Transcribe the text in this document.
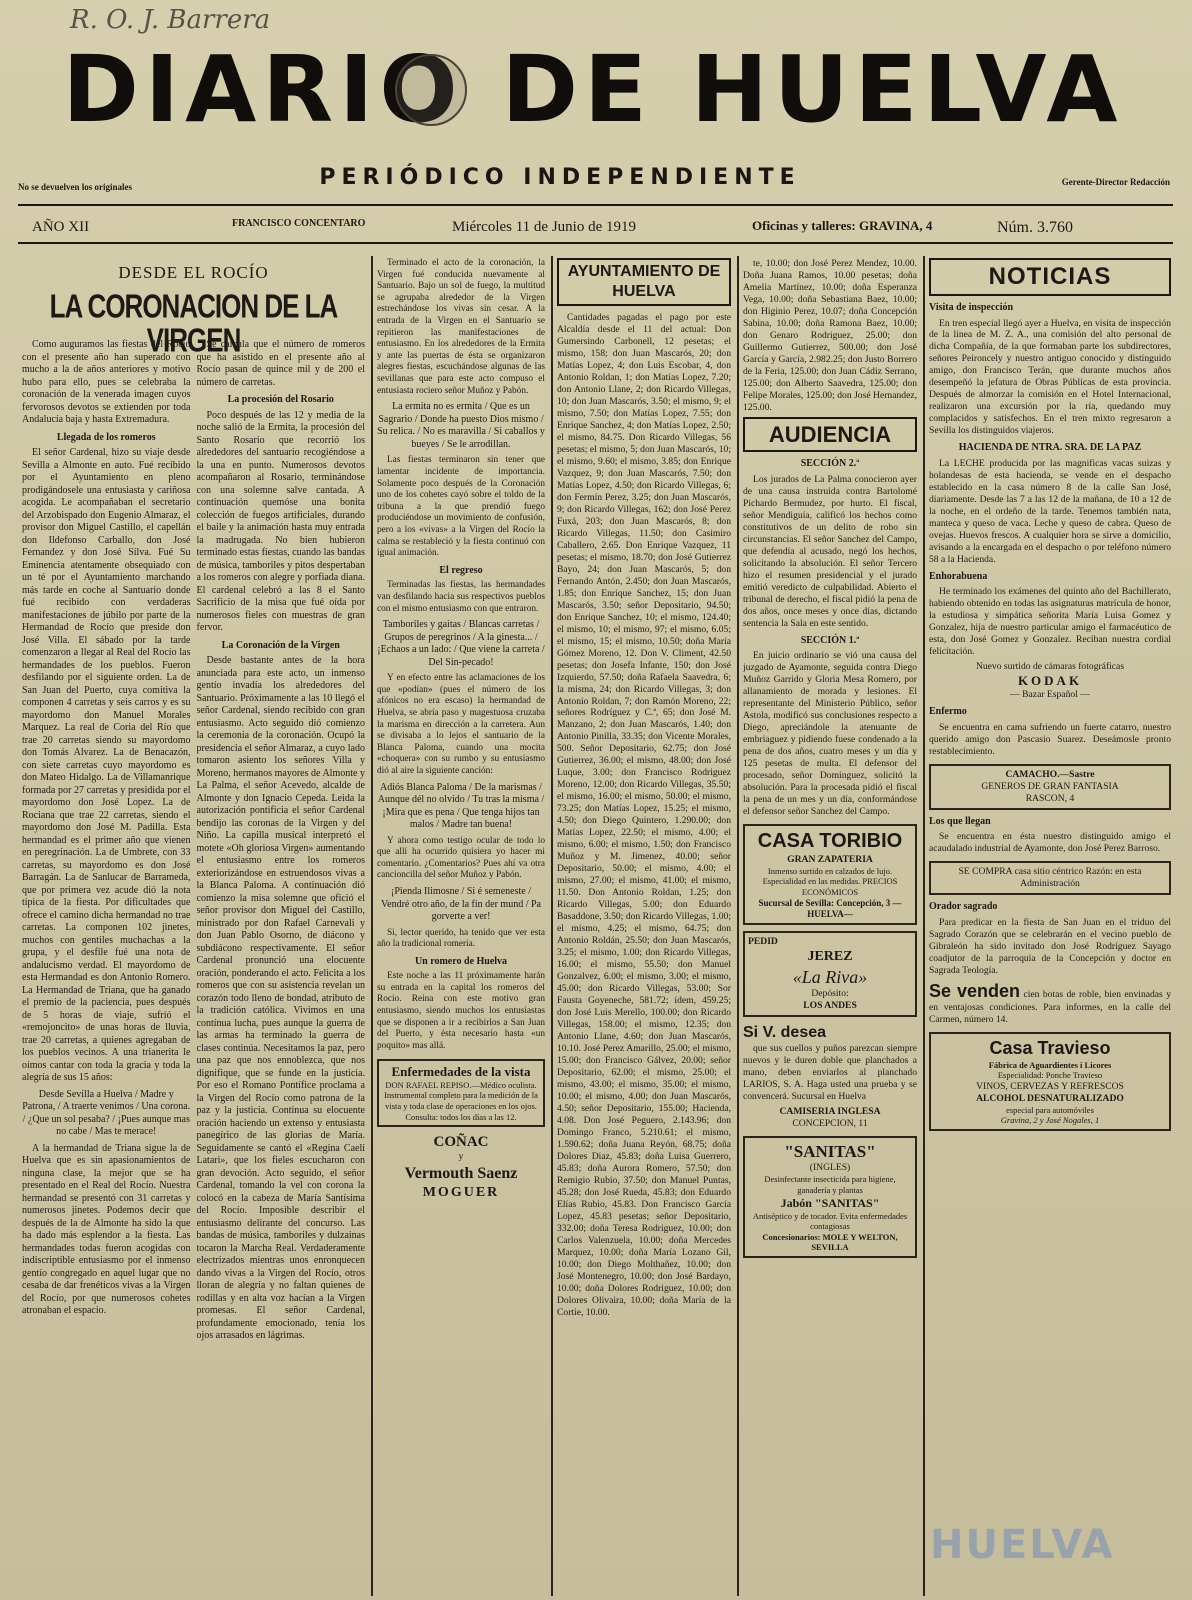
R. O. J. Barrera
DIARIO DE HUELVA
No se devuelven los originales	PERIÓDICO INDEPENDIENTE	Gerente-Director Redacción
AÑO XII	FRANCISCO CONCENTARO	Miércoles 11 de Junio de 1919	Oficinas y talleres: GRAVINA, 4	Núm. 3.760
DESDE EL ROCÍO
LA CORONACION DE LA VIRGEN
Como auguramos las fiestas del Rocío con el presente año han superado con mucho a la de años anteriores y motivo hubo para ello, pues se celebraba la coronación de la venerada imagen cuyos fervorosos devotos se extienden por toda Andalucía baja y hasta Extremadura.
Llegada de los romeros
El señor Cardenal, hizo su viaje desde Sevilla a Almonte en auto. Fué recibido por el Ayuntamiento en pleno prodigándosele una entusiasta y cariñosa acogida. Le acompañaban el secretario del Arzobispado don Eugenio Almaraz, el provisor don Miguel Castillo, el capellán don Ildefonso Carballo, don José Fernandez y don José Silva. Fué Su Eminencia atentamente obsequiado con un té por el Ayuntamiento marchando más tarde en coche al Santuario donde fué recibido con verdaderas manifestaciones de júbilo por parte de la Hermandad de Rocío que preside don José Villa. El sábado por la tarde comenzaron a llegar al Real del Rocío las hermandades de los pueblos. Fueron desfilando por el siguiente orden. La de San Juan del Puerto, cuya comitiva la componen 4 carretas y seis carros y es su mayordomo don Manuel Morales Marquez. La real de Coria del Río que trae 20 carretas siendo su mayordomo don Tomás Alvarez. La de Benacazón, con siete carretas cuyo mayordomo es don Mateo Hidalgo. La de Villamanrique formada por 27 carretas y presidida por el mayordomo don José Lopez. La de Rociana que trae 22 carretas, siendo el mayordomo don José M. Padilla. Esta hermandad es el primer año que vienen en peregrinación. La de Umbrete, con 33 carretas, su mayordomo es don José Barragán. La de Sanlucar de Barrameda, que por primera vez acude dió la nota típica de la fiesta. Por dificultades que ofrece el camino dicha hermandad no trae carretas. La componen 102 jinetes, muchos con gentiles muchachas a la grupa, y el desfile fué una nota de andalucismo verdad. El mayordomo de esta Hermandad es don Antonio Romero. La Hermandad de Triana, que ha ganado el premio de la paciencia, pues después de 5 horas de viaje, sufrió el «remojoncito» de unas horas de lluvia, trae 20 carretas, a quienes agregaban de los pueblos vecinos. A una trianerita le oímos cantar con toda la gracia y toda la alegría de sus 15 años:
Desde Sevilla a Huelva / Madre y Patrona, / A traerte venimos / Una corona. / ¿Que un sol pesaba? / ¡Pues aunque mas no cabe / Mas te merace!
A la hermandad de Triana sigue la de Huelva que es sin apasionamientos de ninguna clase, la mejor que se ha presentado en el Real del Rocío. Nuestra hermandad se presentó con 31 carretas y numerosos jinetes. Podemos decir que después de la de Almonte ha sido la que ha dado más esplendor a la fiesta. Las hermandades todas fueron acogidas con indiscriptible entusiasmo por el inmenso gentío congregado en aquel lugar que no cesaba de dar frenéticos vivas a la Virgen del Rocío, por que numerosos cohetes atronaban el espacio.
Se calcula que el número de romeros que ha asistido en el presente año al Rocío pasan de quince mil y de 200 el número de carretas.
La procesión del Rosario
Poco después de las 12 y media de la noche salió de la Ermita, la procesión del Santo Rosario que recorrió los alrededores del santuario recogiéndose a la una en punto. Numerosos devotos acompañaron al Rosario, terminándose con una solemne salve cantada. A continuación quemóse una bonita colección de fuegos artificiales, durando el baile y la animación hasta muy entrada la madrugada. No bien hubieron terminado estas fiestas, cuando las bandas de música, tamboriles y pitos despertaban a los romeros con alegre y porfiada diana. El cardenal celebró a las 8 el Santo Sacrificio de la misa que fué oída por numerosos fieles con muestras de gran fervor.
La Coronación de la Virgen
Desde bastante antes de la hora anunciada para este acto, un inmenso gentío invadía los alrededores del Santuario. Próximamente a las 10 llegó el señor Cardenal, siendo recibido con gran entusiasmo. Acto seguido dió comienzo la ceremonia de la coronación. Ocupó la presidencia el señor Almaraz, a cuyo lado tomaron asiento los señores Villa y Moreno, hermanos mayores de Almonte y La Palma, el señor Acevedo, alcalde de Almonte y don Ignacio Cepeda. Leida la autorización pontificia el señor Cardenal bendijo las coronas de la Virgen y del Niño. La capilla musical interpretó el motete «Oh gloriosa Virgen» aumentando el entusiasmo entre los romeros exteriorizándose en estruendosos vivas a la Blanca Paloma. A continuación dió comienzo la misa solemne que ofició el señor provisor don Miguel del Castillo, ministrado por don Rafael Carnevali y don Juan Pablo Osorno, de diácono y subdiácono respectivamente. El señor Cardenal pronunció una elocuente oración, ponderando el acto. Felicita a los romeros que con su asistencia revelan un corazón todo lleno de bondad, atributo de la tradición católica. Vivimos en una contínua lucha, pues aunque la guerra de las armas ha terminado la guerra de clases continúa. Necesitamos la paz, pero una paz que nos ennoblezca, que nos dignifique, que se funde en la justicia. Por eso el Romano Pontífice proclama a la Virgen del Rocío como patrona de la paz y la justicia. Continua su elocuente oración haciendo un extenso y entusiasta panegírico de las glorias de María. Seguidamente se cantó el «Regina Caeli Latari», que los fieles escucharon con gran devoción. Acto seguido, el señor Cardenal, tomando la vel con corona la colocó en la cabeza de María Santísima del Rocío. Imposible describir el entusiasmo delirante del concurso. Las bandas de música, tamboriles y dulzainas tocaron la Marcha Real. Verdaderamente electrizados mientras unos enronquecen dando vivas a la Virgen del Rocío, otros lloran de alegría y no faltan quienes de rodillas y en alta voz hacían a la Virgen promesas. El señor Cardenal, profundamente emocionado, tenía los ojos arrasados en lágrimas.
Terminado el acto de la coronación, la Virgen fué conducida nuevamente al Santuario. Bajo un sol de fuego, la multitud se agrupaba alrededor de la Virgen estrechándose los vivas sin cesar. A la entrada de la Virgen en el Santuario se repitieron las manifestaciones de entusiasmo. En los alrededores de la Ermita y ante las puertas de ésta se organizaron alegres fiestas, escuchándose algunas de las sevillanas que para este acto compuso el entusiasta rociero señor Muñoz y Pabón.
La ermita no es ermita / Que es un Sagrario / Donde ha puesto Dios mismo / Su relica. / No es maravilla / Si caballos y bueyes / Se le arrodillan.
Las fiestas terminaron sin tener que lamentar incidente de importancia. Solamente poco después de la Coronación uno de los cohetes cayó sobre el toldo de la tribuna a la que prendió fuego produciéndose un movimiento de confusión, pero a los «vivas» a la Virgen del Rocío la calma se restableció y la fiesta continuó con igual animación.
El regreso
Terminadas las fiestas, las hermandades van desfilando hacia sus respectivos pueblos con el mismo entusiasmo con que entraron.
Tamboriles y gaitas / Blancas carretas / Grupos de peregrinos / A la ginesta... / ¡Echaos a un lado: / Que viene la carreta / Del Sin-pecado!
Y en efecto entre las aclamaciones de los que «podían» (pues el número de los afónicos no era escaso) la hermandad de Huelva, se abría paso y magestuosa cruzaba la marisma en dirección a la carretera. Aun se divisaba a lo lejos el santuario de la Blanca Paloma, cuando una mocita «choquera» con su rumbo y su entusiasmo dió al aire la siguiente canción:
Adiós Blanca Paloma / De la marismas / Aunque dél no olvido / Tu tras la misma / ¡Mira que es pena / Que tenga hijos tan malos / Madre tan buena!
Y ahora como testigo ocular de todo lo que allí ha ocurrido quisiera yo hacer mi comentario. ¿Comentarios? Pues ahí va otra cancioncilla del señor Muñoz y Pabón.
¡Pienda Ilimosne / Si é semeneste / Vendré otro año, de la fin der mund / Pa gorverte a ver!
Si, lector querido, ha tenido que ver esta año la tradicional romería.
Un romero de Huelva
Este noche a las 11 próximamente harán su entrada en la capital los romeros del Rocío. Reina con este motivo gran entusiasmo, siendo muchos los entusiastas que se disponen a ir a recibirlos a San Juan del Puerto, y ésta necesario hasta «un poquito» mas allá.
Enfermedades de la vista
DON RAFAEL REPISO.—Médico oculista. Instrumental completo para la medición de la vista y toda clase de operaciones en los ojos. Consulta: todos los días a las 12.
COÑAC
y
Vermouth Saenz
MOGUER
AYUNTAMIENTO DE HUELVA
Cantidades pagadas el pago por este Alcaldía desde el 11 del actual: Don Gumersindo Carbonell, 12 pesetas; el mismo, 158; don Juan Mascarós, 20; don Matías Lopez, 4; don Luis Escobar, 4, don Antonio Roldan, 1; don Matías Lopez, 7.20; don Antonio Llane, 2; don Ricardo Villegas, 10; don Juan Mascarós, 3.50; el mismo, 9; el mismo, 7.50; don Matías Lopez, 7.55; don Enrique Sanchez, 4; don Matías Lopez, 2.50; el mismo, 84.75. Don Ricardo Villegas, 56 pesetas; el mismo, 5; don Juan Mascarós, 10; el mismo, 9.60; el mismo, 3.85; don Enrique Vazquez, 9; don Juan Mascarós, 7.50; don Matías Lopez, 4.50; don Ricardo Villegas, 6; don Fermín Perez, 3.25; don Juan Mascarós, 9; don Ricardo Villegas, 162; don José Perez Fuxá, 203; don Juan Mascarós, 8; don Ricardo Villegas, 11.50; don Casimiro Caballero, 2.65. Don Enrique Vazquez, 11 pesetas; el mismo, 18.70; don José Gutierrez Bayo, 24; don Juan Mascarós, 5; don Fernando Antón, 2.450; don Juan Mascarós, 1.85; don Enrique Sanchez, 15; don Juan Mascarós, 3.50; señor Depositario, 94.50; don Enrique Sanchez, 10; el mismo, 124.40; el mismo, 10; el mismo, 97; el mismo, 6.05; el mismo, 15; el mismo, 10.50; doña María Gómez Moreno, 12. Don V. Climent, 42.50 pesetas; don Josefa Infante, 150; don José Izquierdo, 57.50; doña Rafaela Saavedra, 6; la misma, 24; don Ricardo Villegas, 3; don Antonio Roldan, 7; don Ramón Moreno, 22; señores Rodríguez y C.ª, 65; don José M. Manzano, 2; don Juan Mascarós, 1.40; don Antonio Pinilla, 33.35; don Vicente Morales, 500. Señor Depositario, 62.75; don José Gutierrez, 36.00; el mismo, 48.00; don José Luque, 3.00; don Francisco Rodriguez Moreno, 12.00; don Ricardo Villegas, 35.50; el mismo, 16.00; el mismo, 50.00; el mismo, 73.25; don Matías Lopez, 15.25; el mismo, 4.50; don Diego Quintero, 1.290.00; don Matías Lopez, 22.50; el mismo, 4.00; el mismo, 6.00; el mismo, 1.50; don Francisco Muñoz y M. Jimenez, 40.00; señor Depositario, 50.00; el mismo, 4.00; el mismo, 27.00; el mismo, 41.00; el mismo, 11.50. Don Antonio Roldan, 1.25; don Ricardo Villegas, 5.00; don Eduardo Basaddone, 3.50; don Ricardo Villegas, 1.00; el mismo, 4.25; el mismo, 64.75; don Antonio Roldán, 25.50; don Juan Mascarós, 3.25; el mismo, 1.00; don Ricardo Villegas, 16.00; el mismo, 55.50; don Manuel Gonzalvez, 6.00; el mismo, 3.00; el mismo, 45.00; don Ricardo Villegas, 53.00; Sor Fausta Goyeneche, 581.72; ídem, 459.25; don José Luis Merello, 100.00; don Ricardo Villegas, 158.00; el mismo, 12.35; don Antonio Llane, 4.60; don Juan Mascarós, 10.10. José Perez Amarillo, 25.00; el mismo, 15.00; don Francisco Gálvez, 20.00; señor Depositario, 62.00; el mismo, 25.00; el mismo, 43.00; el mismo, 35.00; el mismo, 10.00; el mismo, 4.00; don Juan Mascarós, 4.50; señor Depositario, 155.00; Hacienda, 4.08. Don José Peguero, 2.143.96; don Domingo Franco, 5.210.61; el mismo, 1.590.62; doña Juana Reyón, 68.75; doña Dolores Diaz, 45.83; doña Luisa Guerrero, 45.83; doña Aurora Romero, 57.50; don Remigio Rubio, 37.50; don Manuel Puntas, 45.28; don José Rueda, 45.83; don Eduardo Elías Rubio, 45.83. Don Francisco García Lopez, 45.83 pesetas; señor Depositario, 332.00; doña Teresa Rodriguez, 10.00; don Carlos Valenzuela, 10.00; doña Mercedes Marquez, 10.00; doña María Lozano Gil, 10.00; don Diego Molthañez, 10.00; don José Montenegro, 10.00; don José Bardayo, 10.00; doña Dolores Rodriguez, 10.00; don Dolores Olivaira, 10.00; doña María de la Cortie, 10.00.
te, 10.00; don José Perez Mendez, 10.00. Doña Juana Ramos, 10.00 pesetas; doña Amelia Martínez, 10.00; doña Esperanza Vega, 10.00; doña Sebastiana Baez, 10.00; don Higinio Perez, 10.07; doña Concepción Sabina, 10.00; doña Ramona Baez, 10.00; don Genaro Rodriguez, 25.00; don Guillermo Gutierrez, 500.00; don José García y García, 2.982.25; don Justo Borrero de la Feria, 125.00; don Juan Cádiz Serrano, 125.00; don Alberto Saavedra, 125.00; don Felipe Morales, 125.00; don José Hernandez, 125.00.
AUDIENCIA
SECCIÓN 2.ª
Los jurados de La Palma conocieron ayer de una causa instruida contra Bartolomé Pichardo Bermudez, por hurto. El fiscal, señor Mendiguía, calificó los hechos como constitutivos de un delito de robo sin circunstancias. El señor Sanchez del Campo, que defendía al acusado, negó los hechos, solicitando la absolución. El señor Tercero hizo el resumen presidencial y el jurado emitió veredicto de culpabilidad. Abierto el tribunal de derecho, el fiscal pidió la pena de dos años, once meses y once días, dictando sentencia la Sala en este sentido.
SECCIÓN 1.ª
En juicio ordinario se vió una causa del juzgado de Ayamonte, seguida contra Diego Muñoz Garrido y Gloria Mesa Romero, por allanamiento de morada y lesiones. El representante del Ministerio Público, señor Astola, modificó sus conclusiones respecto a Diego, apreciándole la atenuante de embriaguez y pidiendo fuese condenado a la pena de dos años, cuatro meses y un día y 125 pesetas de multa. El defensor del procesado, señor Domínguez, solicitó la absolución. Para la procesada pidió el fiscal la pena de un mes y un día, conformándose el defensor señor Sanchez del Campo.
CASA TORIBIO
GRAN ZAPATERIA
Inmenso surtido en calzados de lujo. Especialidad en las medidas. PRECIOS ECONÓMICOS
Sucursal de Sevilla: Concepción, 3 —HUELVA—
PEDID
JEREZ
«La Riva»
Depósito:
LOS ANDES
Si V. desea
que sus cuellos y puños parezcan siempre nuevos y le duren doble que planchados a mano, deben enviarlos al planchado LARIOS, S. A. Haga usted una prueba y se convencerá. Sucursal en Huelva
CAMISERIA INGLESA
CONCEPCION, 11
"SANITAS"
(INGLES)
Desinfectante insecticida para higiene, ganadería y plantas
Jabón "SANITAS"
Antiséptico y de tocador. Evita enfermedades contagiosas
Concesionarios: MOLE Y WELTON, SEVILLA
NOTICIAS
Visita de inspección
En tren especial llegó ayer a Huelva, en visita de inspección de la línea de M. Z. A., una comisión del alto personal de dicha Compañía, de la que formaban parte los subdirectores, señores Peironcely y nuestro antiguo conocido y distinguido amigo, don Francisco Terán, que durante muchos años desempeñó la jefatura de Obras Públicas de esta provincia. Después de almorzar la comisión en el Hotel Internacional, realizaron una excursión por la ría, quedando muy complacidos y satisfechos. En el tren mixto regresaron a Sevilla los distinguidos viajeros.
HACIENDA DE NTRA. SRA. DE LA PAZ
La LECHE producida por las magnificas vacas suizas y holandesas de esta hacienda, se vende en el despacho establecido en la casa número 8 de la calle San José, diariamente. Desde las 7 a las 12 de la mañana, de 10 a 12 de la noche, en el ordeño de la tarde. Tenemos también nata, manteca y queso de vaca. Leche y queso de cabra. Queso de ovejas. Huevos frescos. A cualquier hora se sirve a domicilio, avisando a la encargada en el despacho o por teléfono número 58 a la Hacienda.
Enhorabuena
He terminado los exámenes del quinto año del Bachillerato, habiendo obtenido en todas las asignaturas matrícula de honor, la estudiosa y simpática señorita María Luisa Gomez y Gonzalez, hija de nuestro particular amigo el farmacéutico de esta, don José Gomez y Gonzalez. Reciban nuestra cordial felicitación.
Nuevo surtido de cámaras fotográficas
KODAK
— Bazar Español —
Enfermo
Se encuentra en cama sufriendo un fuerte catarro, nuestro querido amigo don Pascasio Suarez. Deseámosle pronto restablecimiento.
CAMACHO.—Sastre
GENEROS DE GRAN FANTASIA
RASCON, 4
Los que llegan
Se encuentra en ésta nuestro distinguido amigo el acaudalado industrial de Ayamonte, don José Perez Barroso.
SE COMPRA casa sitio céntrico Razón: en esta Administración
Orador sagrado
Para predicar en la fiesta de San Juan en el triduo del Sagrado Corazón que se celebrarán en el vecino pueblo de Gibraleón ha sido invitado don José Rodríguez Sayago coadjutor de la parroquia de la Concepción y doctor en Sagrada Teología.
Se venden cien botas de roble, bien envinadas y en ventajosas condiciones. Para informes, en la calle del Carmen, número 14.
Casa Travieso
Fábrica de Aguardientes i Licores
Especialidad: Ponche Travieso
VINOS, CERVEZAS Y REFRESCOS
ALCOHOL DESNATURALIZADO
especial para automóviles
Gravina, 2 y José Nogales, 1
HUELVA
